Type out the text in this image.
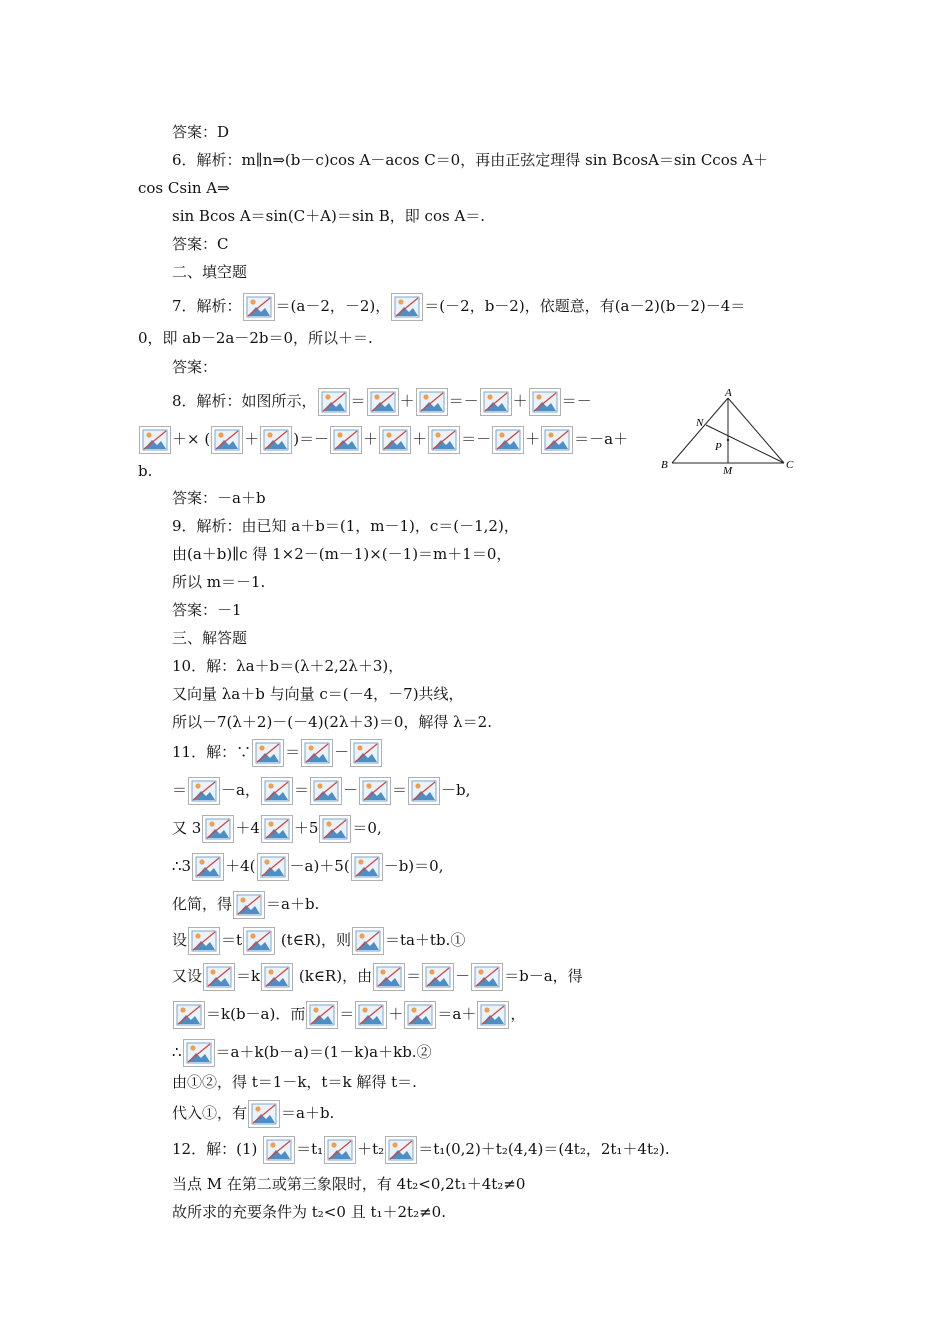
答案：D
6．解析：m∥n⇒(b－c)cos A－acos C＝0，再由正弦定理得 sin BcosA＝sin Ccos A＋
cos Csin A⇒
sin Bcos A＝sin(C＋A)＝sin B，即 cos A＝.
答案：C
二、填空题
7．解析： ＝(a－2，－2)， ＝(－2，b－2)，依题意，有(a－2)(b－2)－4＝
0，即 ab－2a－2b＝0，所以＋＝.
答案：
8．解析：如图所示， ＝ ＋ ＝－ ＋ ＝－
＋× ( ＋ )＝－ ＋ ＋ ＝－ ＋ ＝－a＋
b.
答案：－a＋b
9．解析：由已知 a＋b＝(1，m－1)，c＝(－1,2)，
由(a＋b)∥c 得 1×2－(m－1)×(－1)＝m＋1＝0，
所以 m＝－1.
答案：－1
三、解答题
10．解：λa＋b＝(λ＋2,2λ＋3)，
又向量 λa＋b 与向量 c＝(－4，－7)共线，
所以－7(λ＋2)－(－4)(2λ＋3)＝0，解得 λ＝2.
11．解：∵ ＝ －
＝ －a， ＝ － ＝ －b,
又 3 ＋4 ＋5 ＝0,
∴3 ＋4( －a)＋5( －b)＝0,
化简，得 ＝a＋b.
设 ＝t
(t∈R)，则 ＝ta＋tb.①
又设 ＝k
(k∈R)，由 ＝ － ＝b－a，得
＝k(b－a)．而 ＝ ＋ ＝a＋ ，
∴ ＝a＋k(b－a)＝(1－k)a＋kb.②
由①②，得 t＝1－k，t＝k 解得 t＝.
代入①，有 ＝a＋b.
12．解：(1)
＝t₁ ＋t₂ ＝t₁(0,2)＋t₂(4,4)＝(4t₂，2t₁＋4t₂).
当点 M 在第二或第三象限时，有 4t₂<0,2t₁＋4t₂≠0
故所求的充要条件为 t₂<0 且 t₁＋2t₂≠0.
A
N
P
B	M	C
